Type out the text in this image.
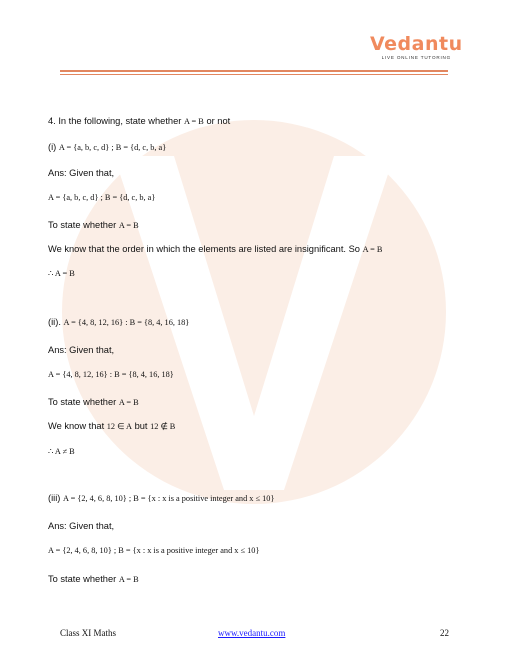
Vedantu
LIVE ONLINE TUTORING
4. In the following, state whether A = B or not
(i) A = {a, b, c, d} ; B = {d, c, b, a}
Ans: Given that,
A = {a, b, c, d} ; B = {d, c, b, a}
To state whether A = B
We know that the order in which the elements are listed are insignificant. So A = B
∴ A = B
(ii). A = {4, 8, 12, 16} : B = {8, 4, 16, 18}
Ans: Given that,
A = {4, 8, 12, 16} : B = {8, 4, 16, 18}
To state whether A = B
We know that 12 ∈ A but 12 ∉ B
∴ A ≠ B
(iii) A = {2, 4, 6, 8, 10} ; B = {x : x is a positive integer and x ≤ 10}
Ans: Given that,
A = {2, 4, 6, 8, 10} ; B = {x : x is a positive integer and x ≤ 10}
To state whether A = B
Class XI Maths	www.vedantu.com	22
